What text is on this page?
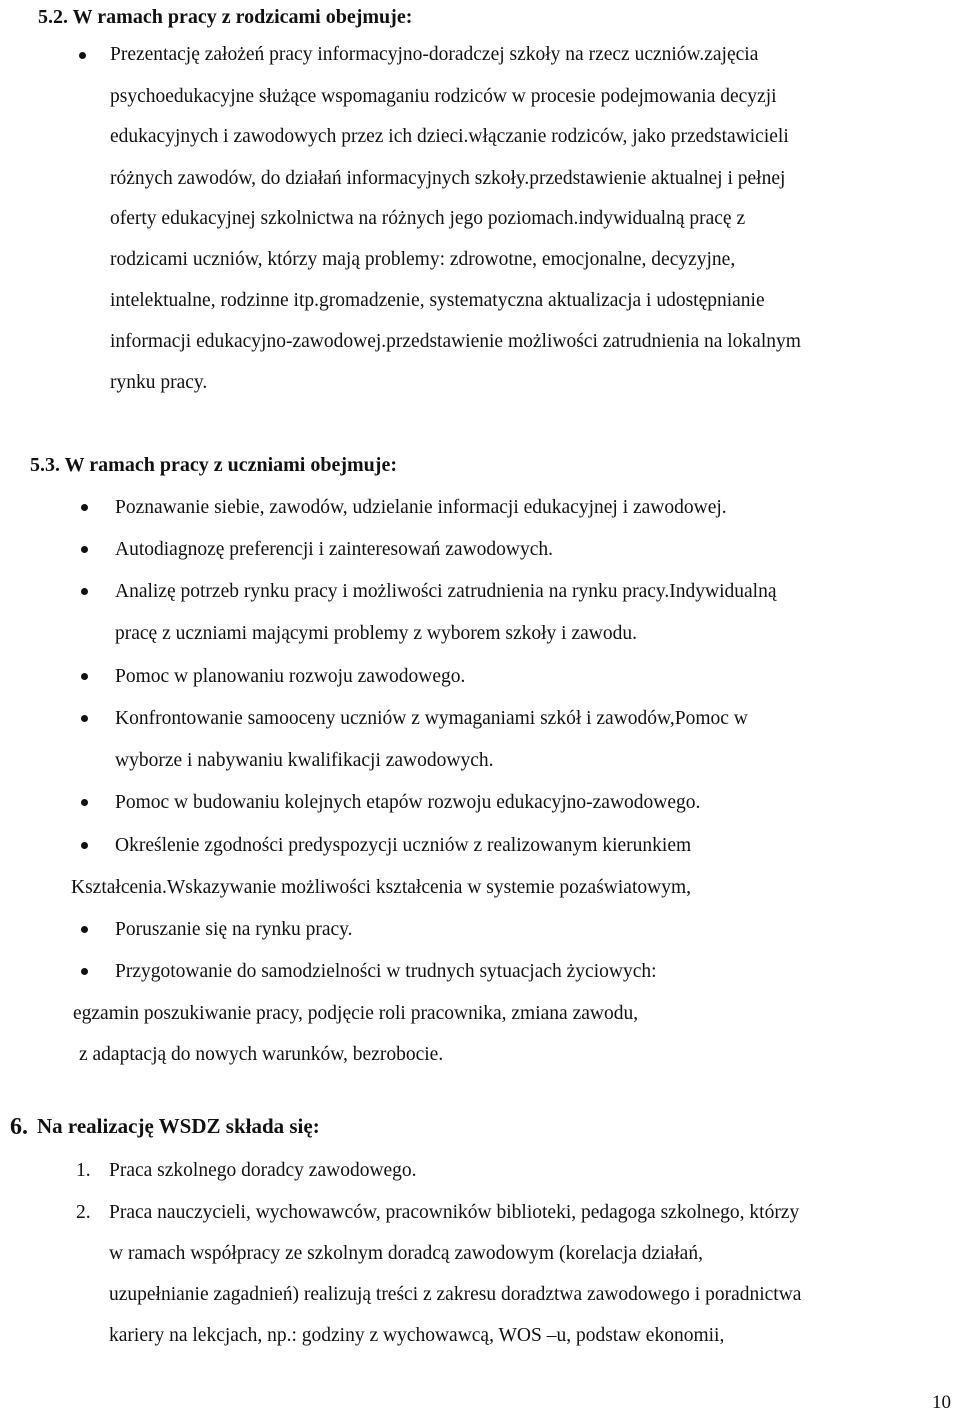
5.2. W ramach pracy z rodzicami obejmuje:
Prezentację założeń pracy informacyjno-doradczej szkoły na rzecz uczniów.zajęcia
psychoedukacyjne służące wspomaganiu rodziców w procesie podejmowania decyzji
edukacyjnych i zawodowych przez ich dzieci.włączanie rodziców, jako przedstawicieli
różnych zawodów, do działań informacyjnych szkoły.przedstawienie aktualnej i pełnej
oferty edukacyjnej szkolnictwa na różnych jego poziomach.indywidualną pracę z
rodzicami uczniów, którzy mają problemy: zdrowotne, emocjonalne, decyzyjne,
intelektualne, rodzinne itp.gromadzenie, systematyczna aktualizacja i udostępnianie
informacji edukacyjno-zawodowej.przedstawienie możliwości zatrudnienia na lokalnym
rynku pracy.
5.3. W ramach pracy z uczniami obejmuje:
Poznawanie siebie, zawodów, udzielanie informacji edukacyjnej i zawodowej.
Autodiagnozę preferencji i zainteresowań zawodowych.
Analizę potrzeb rynku pracy i możliwości zatrudnienia na rynku pracy.Indywidualną
pracę z uczniami mającymi problemy z wyborem szkoły i zawodu.
Pomoc w planowaniu rozwoju zawodowego.
Konfrontowanie samooceny uczniów z wymaganiami szkół i zawodów,Pomoc w
wyborze i nabywaniu kwalifikacji zawodowych.
Pomoc w budowaniu kolejnych etapów rozwoju edukacyjno-zawodowego.
Określenie zgodności predyspozycji uczniów z realizowanym kierunkiem
Kształcenia.Wskazywanie możliwości kształcenia w systemie pozaświatowym,
Poruszanie się na rynku pracy.
Przygotowanie do samodzielności w trudnych sytuacjach życiowych:
egzamin poszukiwanie pracy, podjęcie roli pracownika, zmiana zawodu,
z adaptacją do nowych warunków, bezrobocie.
6. Na realizację WSDZ składa się:
1. Praca szkolnego doradcy zawodowego.
2. Praca nauczycieli, wychowawców, pracowników biblioteki, pedagoga szkolnego, którzy
w ramach współpracy ze szkolnym doradcą zawodowym (korelacja działań,
uzupełnianie zagadnień) realizują treści z zakresu doradztwa zawodowego i poradnictwa
kariery na lekcjach, np.: godziny z wychowawcą, WOS –u, podstaw ekonomii,
10
